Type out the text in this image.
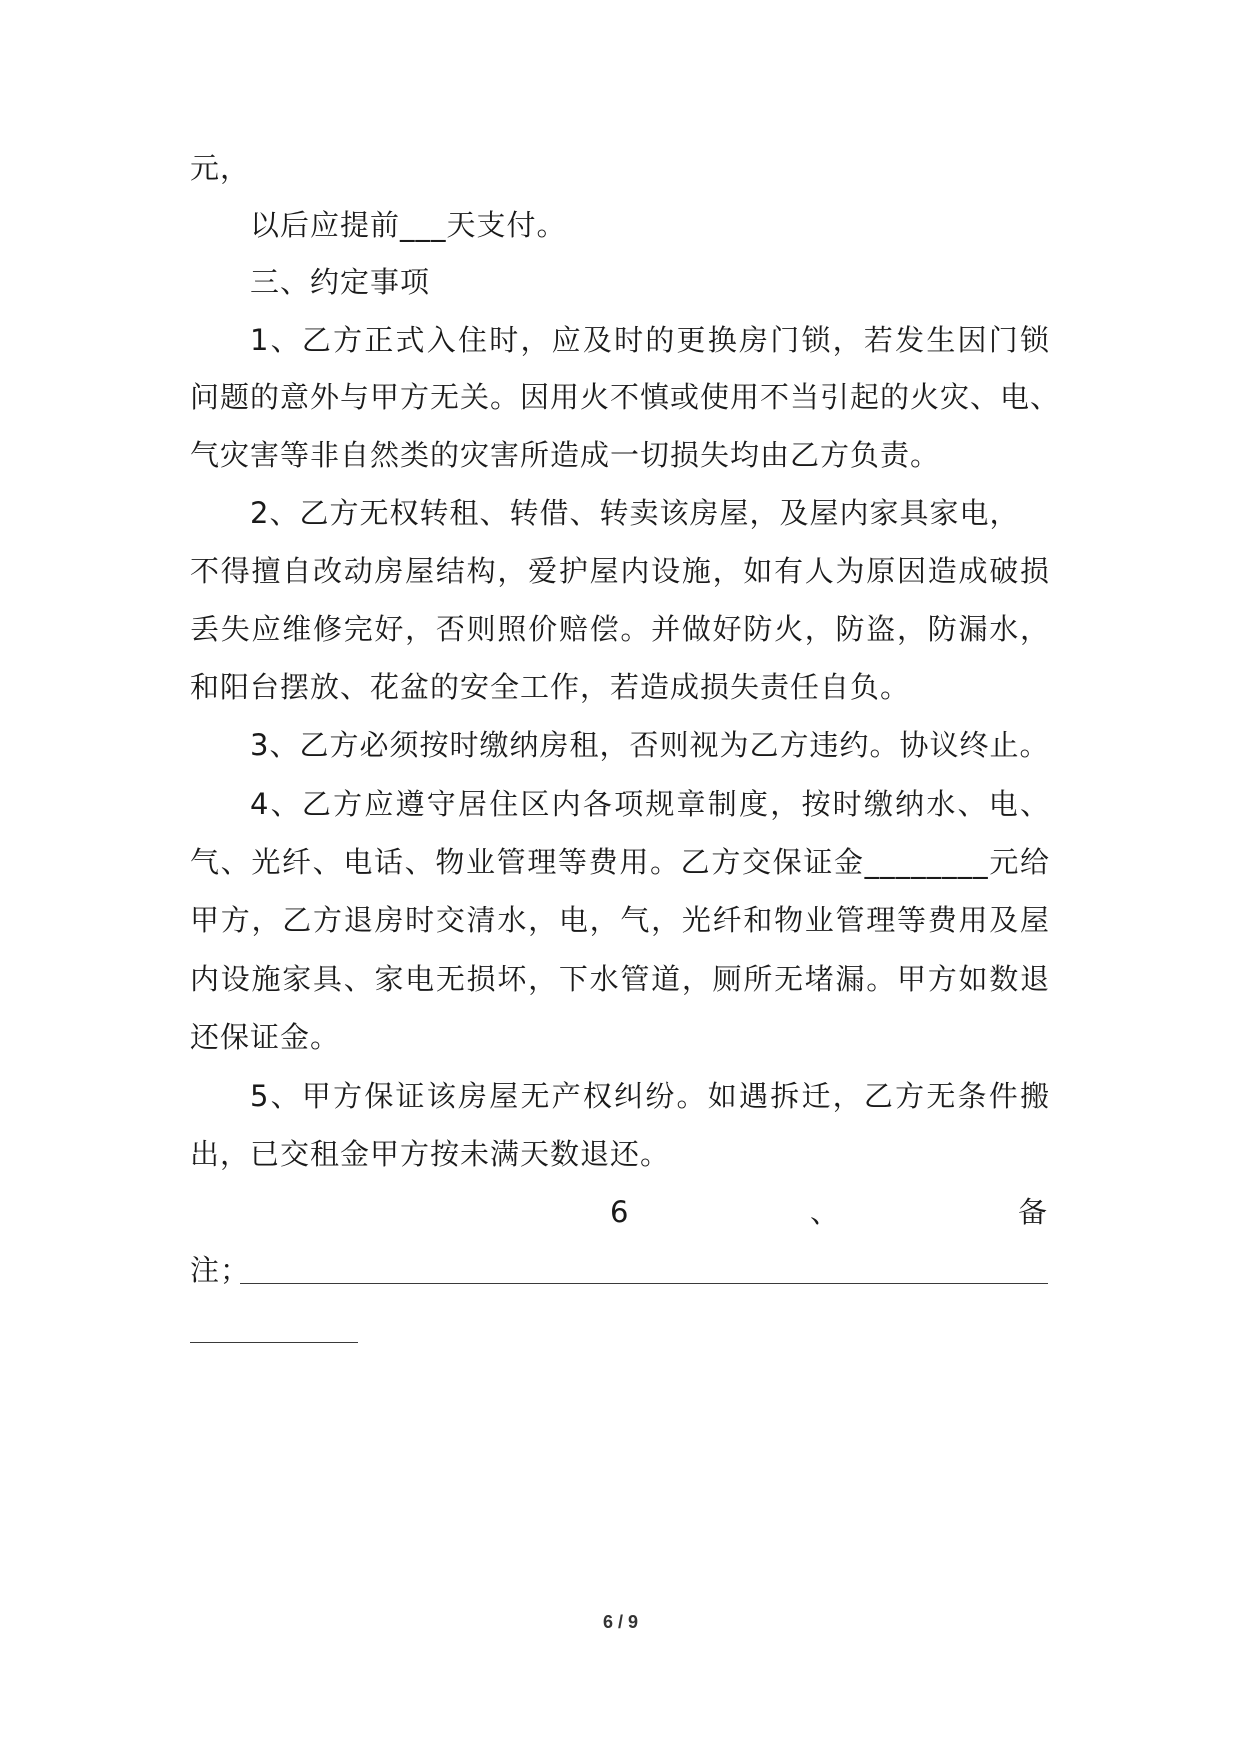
元，
以后应提前___天支付。
三、约定事项
1、乙方正式入住时，应及时的更换房门锁，若发生因门锁
问题的意外与甲方无关。因用火不慎或使用不当引起的火灾、电、
气灾害等非自然类的灾害所造成一切损失均由乙方负责。
2、乙方无权转租、转借、转卖该房屋，及屋内家具家电，
不得擅自改动房屋结构，爱护屋内设施，如有人为原因造成破损
丢失应维修完好，否则照价赔偿。并做好防火，防盗，防漏水，
和阳台摆放、花盆的安全工作，若造成损失责任自负。
3、乙方必须按时缴纳房租，否则视为乙方违约。协议终止。
4、乙方应遵守居住区内各项规章制度，按时缴纳水、电、
气、光纤、电话、物业管理等费用。乙方交保证金________元给
甲方，乙方退房时交清水，电，气，光纤和物业管理等费用及屋
内设施家具、家电无损坏，下水管道，厕所无堵漏。甲方如数退
还保证金。
5、甲方保证该房屋无产权纠纷。如遇拆迁，乙方无条件搬
出，已交租金甲方按未满天数退还。
6	、	备
注；
6 / 9
